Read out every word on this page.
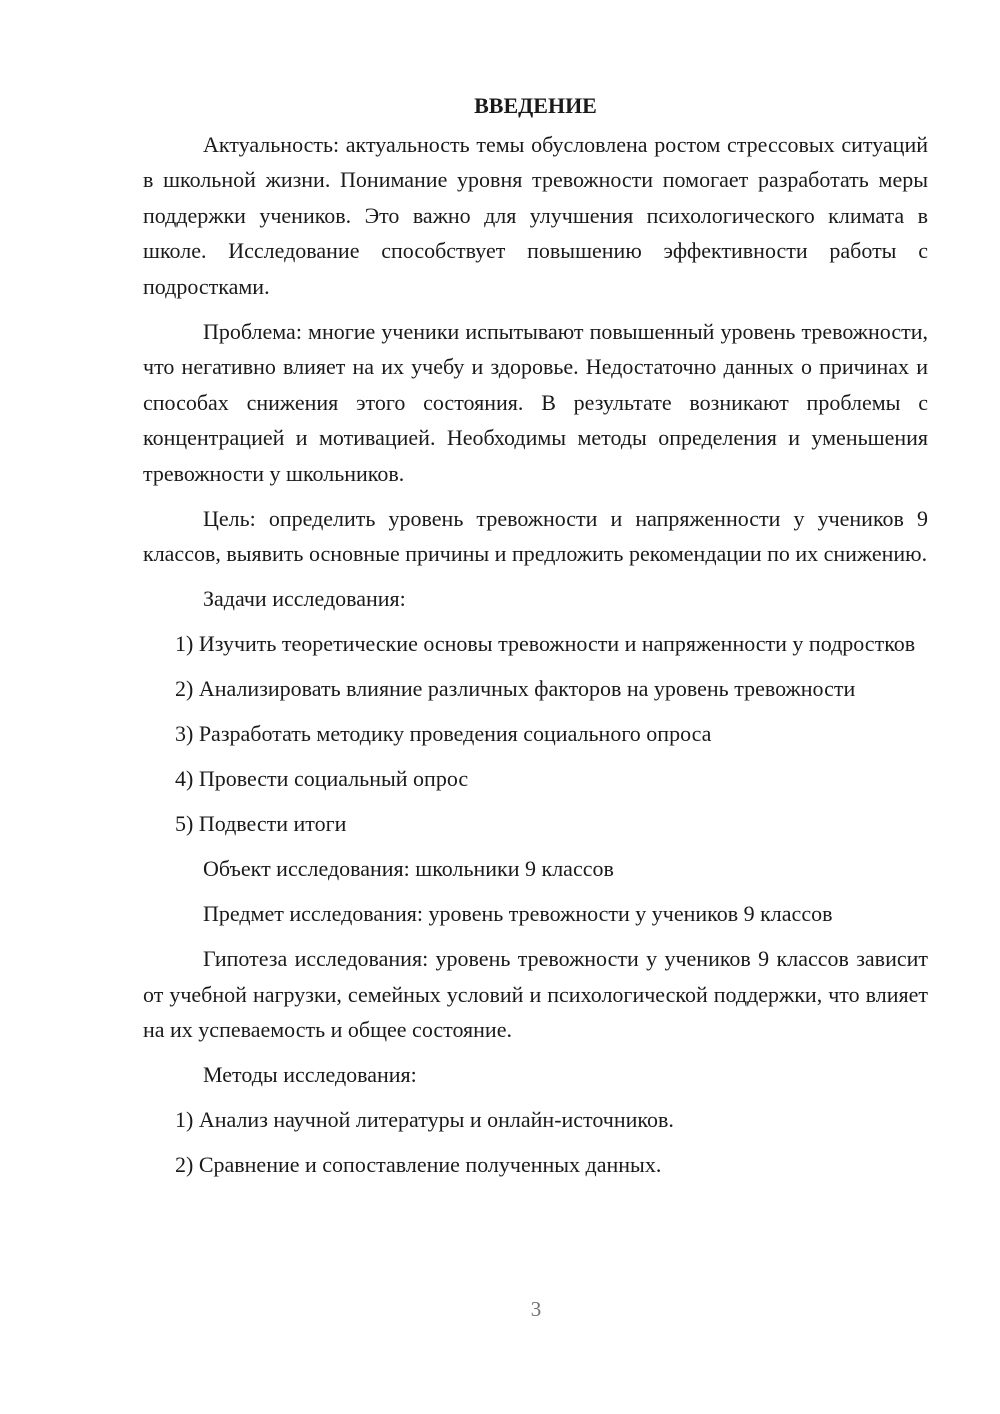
ВВЕДЕНИЕ

Актуальность: актуальность темы обусловлена ростом стрессовых ситуаций в школьной жизни. Понимание уровня тревожности помогает разработать меры поддержки учеников. Это важно для улучшения психологического климата в школе. Исследование способствует повышению эффективности работы с подростками.

Проблема: многие ученики испытывают повышенный уровень тревожности, что негативно влияет на их учебу и здоровье. Недостаточно данных о причинах и способах снижения этого состояния. В результате возникают проблемы с концентрацией и мотивацией. Необходимы методы определения и уменьшения тревожности у школьников.

Цель: определить уровень тревожности и напряженности у учеников 9 классов, выявить основные причины и предложить рекомендации по их снижению.

Задачи исследования:

1) Изучить теоретические основы тревожности и напряженности у подростков

2) Анализировать влияние различных факторов на уровень тревожности

3) Разработать методику проведения социального опроса

4) Провести социальный опрос

5) Подвести итоги

Объект исследования: школьники 9 классов

Предмет исследования: уровень тревожности у учеников 9 классов

Гипотеза исследования: уровень тревожности у учеников 9 классов зависит от учебной нагрузки, семейных условий и психологической поддержки, что влияет на их успеваемость и общее состояние.

Методы исследования:

1) Анализ научной литературы и онлайн-источников.

2) Сравнение и сопоставление полученных данных.

3
